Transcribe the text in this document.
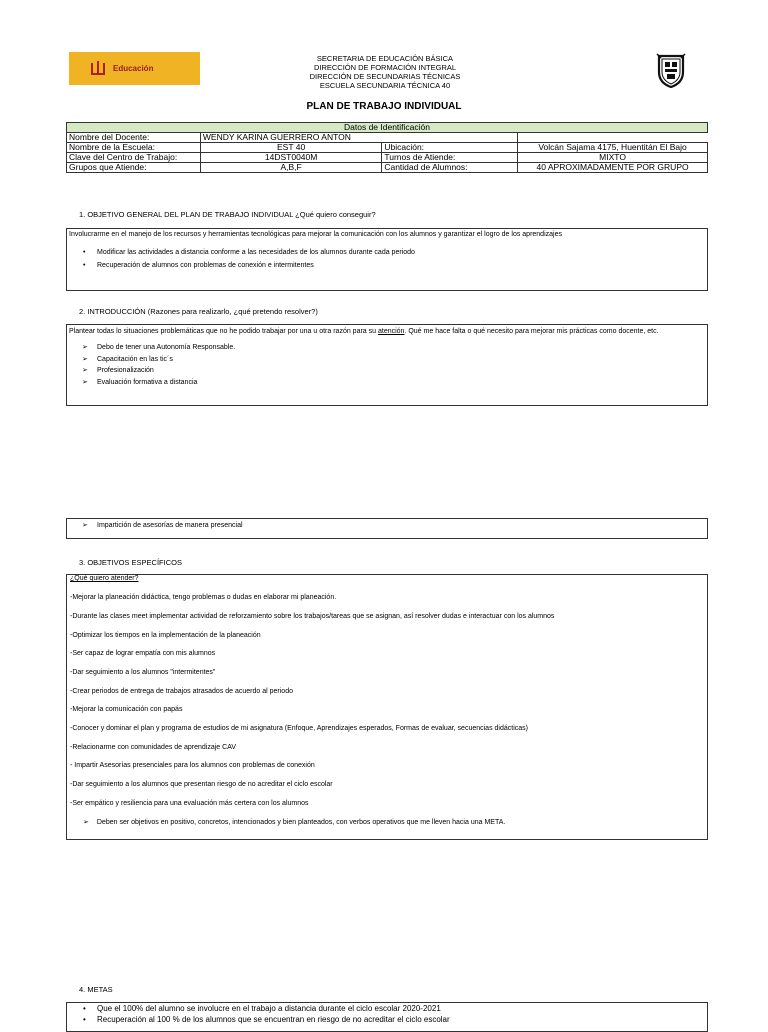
Educación
SECRETARIA DE EDUCACIÓN BÁSICA
DIRECCIÓN DE FORMACIÓN INTEGRAL
DIRECCIÓN DE SECUNDARIAS TÉCNICAS
ESCUELA SECUNDARIA TÉCNICA 40
PLAN DE TRABAJO INDIVIDUAL
Datos de Identificación			
Nombre del Docente:	WENDY KARINA GUERRERO ANTON		
Nombre de la Escuela:	EST 40	Ubicación:	Volcán Sajama 4175, Huentitán El Bajo
Clave del Centro de Trabajo:	14DST0040M	Turnos de Atiende:	MIXTO
Grupos que Atiende:	A,B,F	Cantidad de Alumnos:	40 APROXIMADAMENTE POR GRUPO
1. OBJETIVO GENERAL DEL PLAN DE TRABAJO INDIVIDUAL ¿Qué quiero conseguir?
Involucrarme en el manejo de los recursos y herramientas tecnológicas para mejorar la comunicación con los alumnos y garantizar el logro de los aprendizajes
• Modificar las actividades a distancia conforme a las necesidades de los alumnos durante cada periodo
• Recuperación de alumnos con problemas de conexión e intermitentes
2. INTRODUCCIÓN (Razones para realizarlo, ¿qué pretendo resolver?)
Plantear todas lo situaciones problemáticas que no he podido trabajar por una u otra razón para su atención. Qué me hace falta o qué necesito para mejorar mis prácticas como docente, etc.
➢ Debo de tener una Autonomía Responsable.
➢ Capacitación en las tic´s
➢ Profesionalización
➢ Evaluación formativa a distancia
➢ Impartición de asesorías de manera presencial
3. OBJETIVOS ESPECÍFICOS
¿Qué quiero atender?
-Mejorar la planeación didáctica, tengo problemas o dudas en elaborar mi planeación.
-Durante las clases meet implementar actividad de reforzamiento sobre los trabajos/tareas que se asignan, así resolver dudas e interactuar con los alumnos
-Optimizar los tiempos en la implementación de la planeación
-Ser capaz de lograr empatía con mis alumnos
-Dar seguimiento a los alumnos "intermitentes"
-Crear periodos de entrega de trabajos atrasados de acuerdo al periodo
-Mejorar la comunicación con papás
-Conocer y dominar el plan y programa de estudios de mi asignatura (Enfoque, Aprendizajes esperados, Formas de evaluar, secuencias didácticas)
-Relacionarme con comunidades de aprendizaje CAV
- Impartir Asesorías presenciales para los alumnos con problemas de conexión
-Dar seguimiento a los alumnos que presentan riesgo de no acreditar el ciclo escolar
-Ser empático y resiliencia para una evaluación más certera con los alumnos
➢ Deben ser objetivos en positivo, concretos, intencionados y bien planteados, con verbos operativos que me lleven hacia una META.
4. METAS
• Que el 100% del alumno se involucre en el trabajo a distancia durante el ciclo escolar 2020-2021
• Recuperación al 100 % de los alumnos que se encuentran en riesgo de no acreditar el ciclo escolar
